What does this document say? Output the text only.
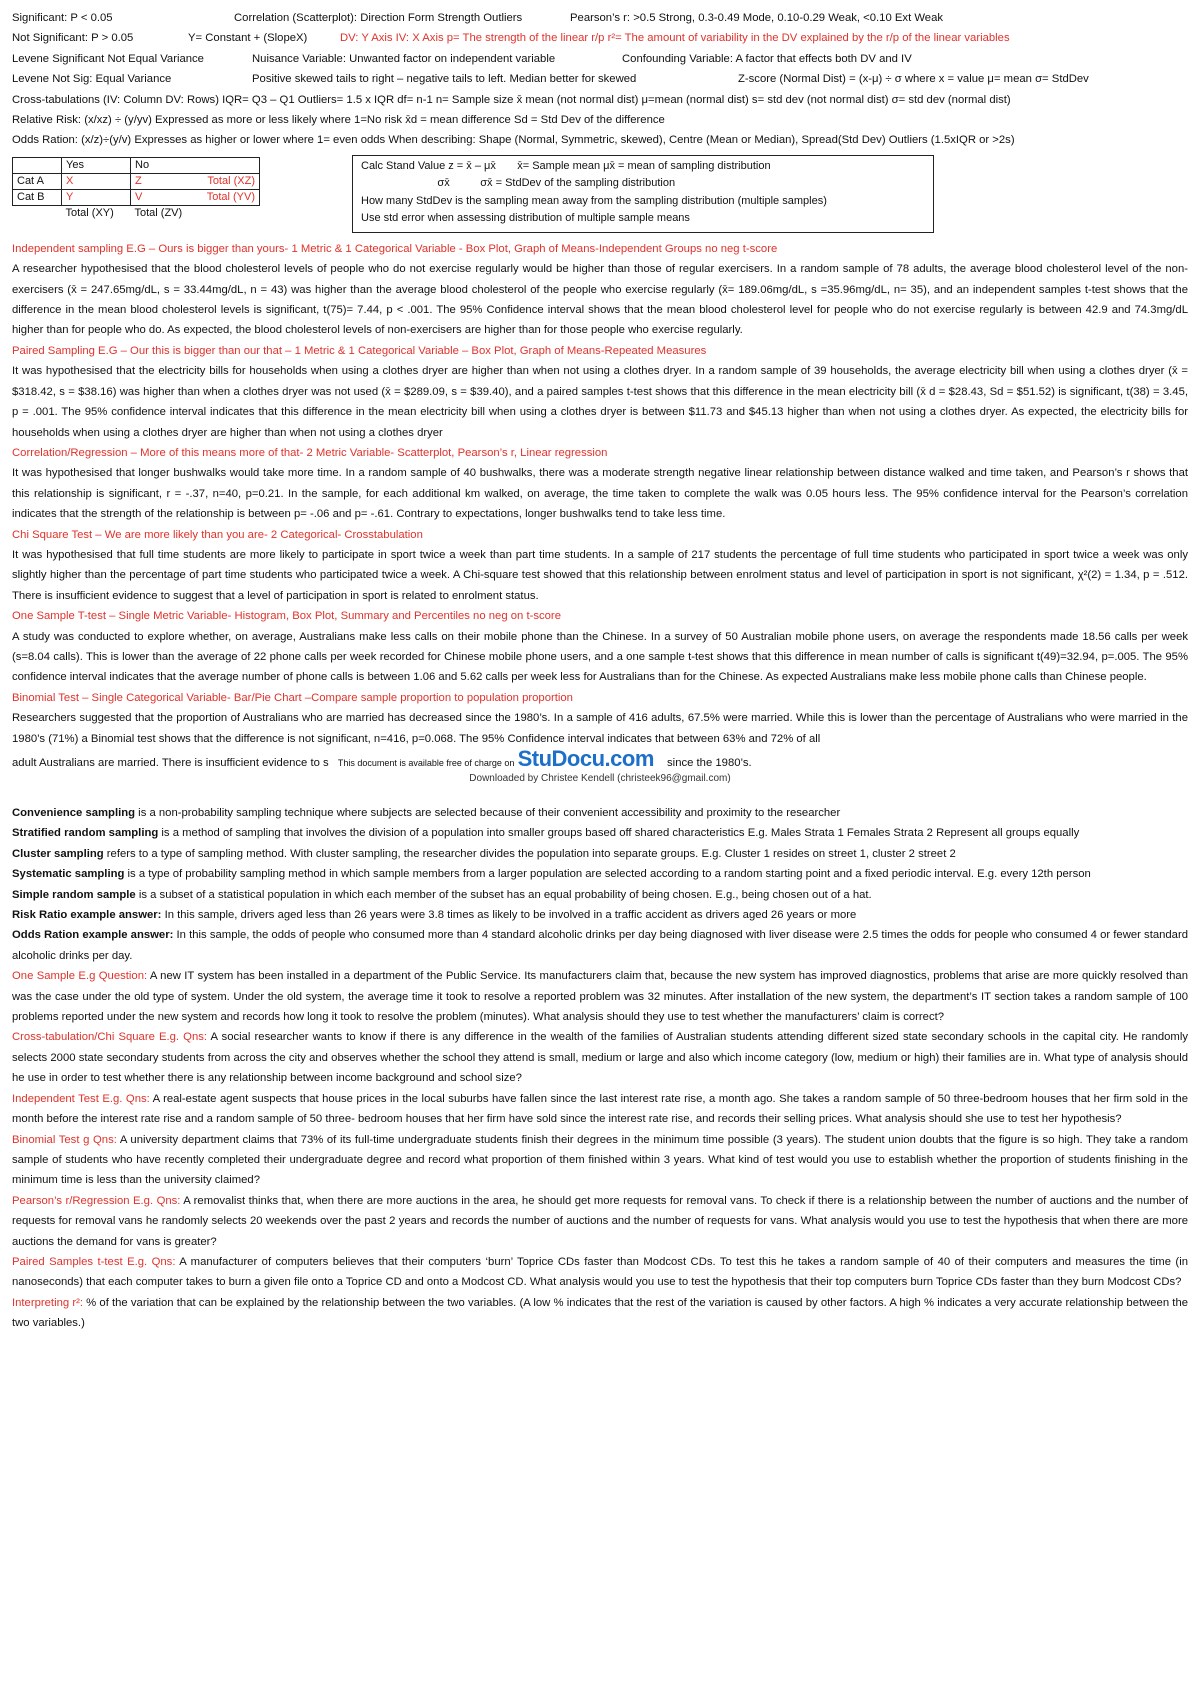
Significant: P < 0.05	Correlation (Scatterplot): Direction Form Strength Outliers	Pearson’s r: >0.5 Strong, 0.3-0.49 Mode, 0.10-0.29 Weak, <0.10 Ext Weak
Not Significant: P > 0.05	Y= Constant + (SlopeX)	DV: Y Axis IV: X Axis p= The strength of the linear r/p r²= The amount of variability in the DV explained by the r/p of the linear variables
Levene Significant Not Equal Variance	Nuisance Variable: Unwanted factor on independent variable	Confounding Variable: A factor that effects both DV and IV
Levene Not Sig: Equal Variance	Positive skewed tails to right – negative tails to left. Median better for skewed	Z-score (Normal Dist) = (x-μ) ÷ σ where x = value μ= mean σ= StdDev
Cross-tabulations (IV: Column DV: Rows) IQR= Q3 – Q1 Outliers= 1.5 x IQR df= n-1 n= Sample size x̄ mean (not normal dist) μ=mean (normal dist) s= std dev (not normal dist) σ= std dev (normal dist)
Relative Risk: (x/xz) ÷ (y/yv) Expressed as more or less likely where 1=No risk x̄d = mean difference Sd = Std Dev of the difference
Odds Ration: (x/z)÷(y/v) Expresses as higher or lower where 1= even odds When describing: Shape (Normal, Symmetric, skewed), Centre (Mean or Median), Spread(Std Dev) Outliers (1.5xIQR or >2s)
	Yes	No	
Cat A	X	Z	Total (XZ)
Cat B	Y	V	Total (YV)
	Total (XY)	Total (ZV)	
Calc Stand Value z = x̄ – μx̄       x̄= Sample mean μx̄ = mean of sampling distribution
σx̄          σx̄ = StdDev of the sampling distribution
How many StdDev is the sampling mean away from the sampling distribution (multiple samples)
Use std error when assessing distribution of multiple sample means
Independent sampling E.G – Ours is bigger than yours- 1 Metric & 1 Categorical Variable - Box Plot, Graph of Means-Independent Groups no neg t-score
A researcher hypothesised that the blood cholesterol levels of people who do not exercise regularly would be higher than those of regular exercisers. In a random sample of 78 adults, the average blood cholesterol level of the non-exercisers (x̄ = 247.65mg/dL, s = 33.44mg/dL, n = 43) was higher than the average blood cholesterol of the people who exercise regularly (x̄= 189.06mg/dL, s =35.96mg/dL, n= 35), and an independent samples t-test shows that the difference in the mean blood cholesterol levels is significant, t(75)= 7.44, p < .001. The 95% Confidence interval shows that the mean blood cholesterol level for people who do not exercise regularly is between 42.9 and 74.3mg/dL higher than for people who do. As expected, the blood cholesterol levels of non-exercisers are higher than for those people who exercise regularly.
Paired Sampling E.G – Our this is bigger than our that – 1 Metric & 1 Categorical Variable – Box Plot, Graph of Means-Repeated Measures
It was hypothesised that the electricity bills for households when using a clothes dryer are higher than when not using a clothes dryer. In a random sample of 39 households, the average electricity bill when using a clothes dryer (x̄ = $318.42, s = $38.16) was higher than when a clothes dryer was not used (x̄ = $289.09, s = $39.40), and a paired samples t-test shows that this difference in the mean electricity bill (x̄ d = $28.43, Sd = $51.52) is significant, t(38) = 3.45, p = .001. The 95% confidence interval indicates that this difference in the mean electricity bill when using a clothes dryer is between $11.73 and $45.13 higher than when not using a clothes dryer. As expected, the electricity bills for households when using a clothes dryer are higher than when not using a clothes dryer
Correlation/Regression – More of this means more of that- 2 Metric Variable- Scatterplot, Pearson’s r, Linear regression
It was hypothesised that longer bushwalks would take more time. In a random sample of 40 bushwalks, there was a moderate strength negative linear relationship between distance walked and time taken, and Pearson’s r shows that this relationship is significant, r = -.37, n=40, p=0.21. In the sample, for each additional km walked, on average, the time taken to complete the walk was 0.05 hours less. The 95% confidence interval for the Pearson’s correlation indicates that the strength of the relationship is between p= -.06 and p= -.61. Contrary to expectations, longer bushwalks tend to take less time.
Chi Square Test – We are more likely than you are- 2 Categorical- Crosstabulation
It was hypothesised that full time students are more likely to participate in sport twice a week than part time students. In a sample of 217 students the percentage of full time students who participated in sport twice a week was only slightly higher than the percentage of part time students who participated twice a week. A Chi-square test showed that this relationship between enrolment status and level of participation in sport is not significant, χ²(2) = 1.34, p = .512. There is insufficient evidence to suggest that a level of participation in sport is related to enrolment status.
One Sample T-test – Single Metric Variable- Histogram, Box Plot, Summary and Percentiles no neg on t-score
A study was conducted to explore whether, on average, Australians make less calls on their mobile phone than the Chinese. In a survey of 50 Australian mobile phone users, on average the respondents made 18.56 calls per week (s=8.04 calls). This is lower than the average of 22 phone calls per week recorded for Chinese mobile phone users, and a one sample t-test shows that this difference in mean number of calls is significant t(49)=32.94, p=.005. The 95% confidence interval indicates that the average number of phone calls is between 1.06 and 5.62 calls per week less for Australians than for the Chinese. As expected Australians make less mobile phone calls than Chinese people.
Binomial Test – Single Categorical Variable- Bar/Pie Chart –Compare sample proportion to population proportion
Researchers suggested that the proportion of Australians who are married has decreased since the 1980’s. In a sample of 416 adults, 67.5% were married. While this is lower than the percentage of Australians who were married in the 1980’s (71%) a Binomial test shows that the difference is not significant, n=416, p=0.068. The 95% Confidence interval indicates that between 63% and 72% of all
adult Australians are married. There is insufficient evidence to s This document is available free of charge on StuDocu.com since the 1980’s.
Downloaded by Christee Kendell (christeek96@gmail.com)
Convenience sampling is a non-probability sampling technique where subjects are selected because of their convenient accessibility and proximity to the researcher
Stratified random sampling is a method of sampling that involves the division of a population into smaller groups based off shared characteristics E.g. Males Strata 1 Females Strata 2 Represent all groups equally
Cluster sampling refers to a type of sampling method. With cluster sampling, the researcher divides the population into separate groups. E.g. Cluster 1 resides on street 1, cluster 2 street 2
Systematic sampling is a type of probability sampling method in which sample members from a larger population are selected according to a random starting point and a fixed periodic interval. E.g. every 12th person
Simple random sample is a subset of a statistical population in which each member of the subset has an equal probability of being chosen. E.g., being chosen out of a hat.
Risk Ratio example answer: In this sample, drivers aged less than 26 years were 3.8 times as likely to be involved in a traffic accident as drivers aged 26 years or more
Odds Ration example answer: In this sample, the odds of people who consumed more than 4 standard alcoholic drinks per day being diagnosed with liver disease were 2.5 times the odds for people who consumed 4 or fewer standard alcoholic drinks per day.
One Sample E.g Question: A new IT system has been installed in a department of the Public Service. Its manufacturers claim that, because the new system has improved diagnostics, problems that arise are more quickly resolved than was the case under the old type of system. Under the old system, the average time it took to resolve a reported problem was 32 minutes. After installation of the new system, the department’s IT section takes a random sample of 100 problems reported under the new system and records how long it took to resolve the problem (minutes). What analysis should they use to test whether the manufacturers’ claim is correct?
Cross-tabulation/Chi Square E.g. Qns: A social researcher wants to know if there is any difference in the wealth of the families of Australian students attending different sized state secondary schools in the capital city. He randomly selects 2000 state secondary students from across the city and observes whether the school they attend is small, medium or large and also which income category (low, medium or high) their families are in. What type of analysis should he use in order to test whether there is any relationship between income background and school size?
Independent Test E.g. Qns: A real-estate agent suspects that house prices in the local suburbs have fallen since the last interest rate rise, a month ago. She takes a random sample of 50 three-bedroom houses that her firm sold in the month before the interest rate rise and a random sample of 50 three- bedroom houses that her firm have sold since the interest rate rise, and records their selling prices. What analysis should she use to test her hypothesis?
Binomial Test g Qns: A university department claims that 73% of its full-time undergraduate students finish their degrees in the minimum time possible (3 years). The student union doubts that the figure is so high. They take a random sample of students who have recently completed their undergraduate degree and record what proportion of them finished within 3 years. What kind of test would you use to establish whether the proportion of students finishing in the minimum time is less than the university claimed?
Pearson’s r/Regression E.g. Qns: A removalist thinks that, when there are more auctions in the area, he should get more requests for removal vans. To check if there is a relationship between the number of auctions and the number of requests for removal vans he randomly selects 20 weekends over the past 2 years and records the number of auctions and the number of requests for vans. What analysis would you use to test the hypothesis that when there are more auctions the demand for vans is greater?
Paired Samples t-test E.g. Qns: A manufacturer of computers believes that their computers ‘burn’ Toprice CDs faster than Modcost CDs. To test this he takes a random sample of 40 of their computers and measures the time (in nanoseconds) that each computer takes to burn a given file onto a Toprice CD and onto a Modcost CD. What analysis would you use to test the hypothesis that their top computers burn Toprice CDs faster than they burn Modcost CDs?
Interpreting r²: % of the variation that can be explained by the relationship between the two variables. (A low % indicates that the rest of the variation is caused by other factors. A high % indicates a very accurate relationship between the two variables.)
